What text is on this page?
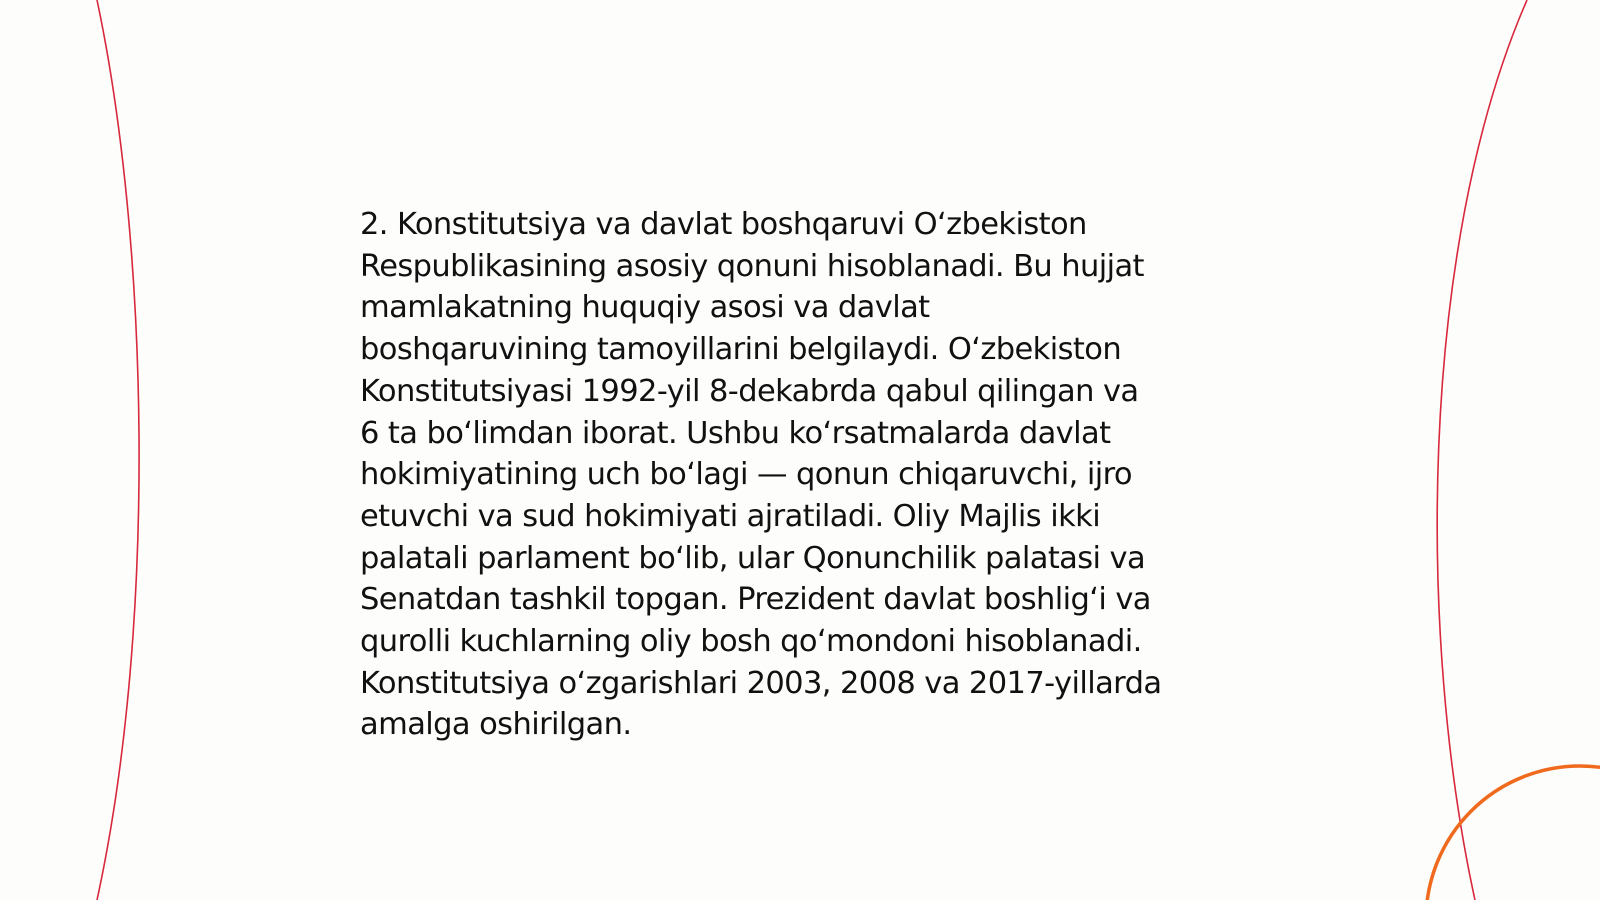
2. Konstitutsiya va davlat boshqaruvi O‘zbekiston
Respublikasining asosiy qonuni hisoblanadi. Bu hujjat
mamlakatning huquqiy asosi va davlat
boshqaruvining tamoyillarini belgilaydi. O‘zbekiston
Konstitutsiyasi 1992-yil 8-dekabrda qabul qilingan va
6 ta bo‘limdan iborat. Ushbu ko‘rsatmalarda davlat
hokimiyatining uch bo‘lagi — qonun chiqaruvchi, ijro
etuvchi va sud hokimiyati ajratiladi. Oliy Majlis ikki
palatali parlament bo‘lib, ular Qonunchilik palatasi va
Senatdan tashkil topgan. Prezident davlat boshlig‘i va
qurolli kuchlarning oliy bosh qo‘mondoni hisoblanadi.
Konstitutsiya o‘zgarishlari 2003, 2008 va 2017-yillarda
amalga oshirilgan.
